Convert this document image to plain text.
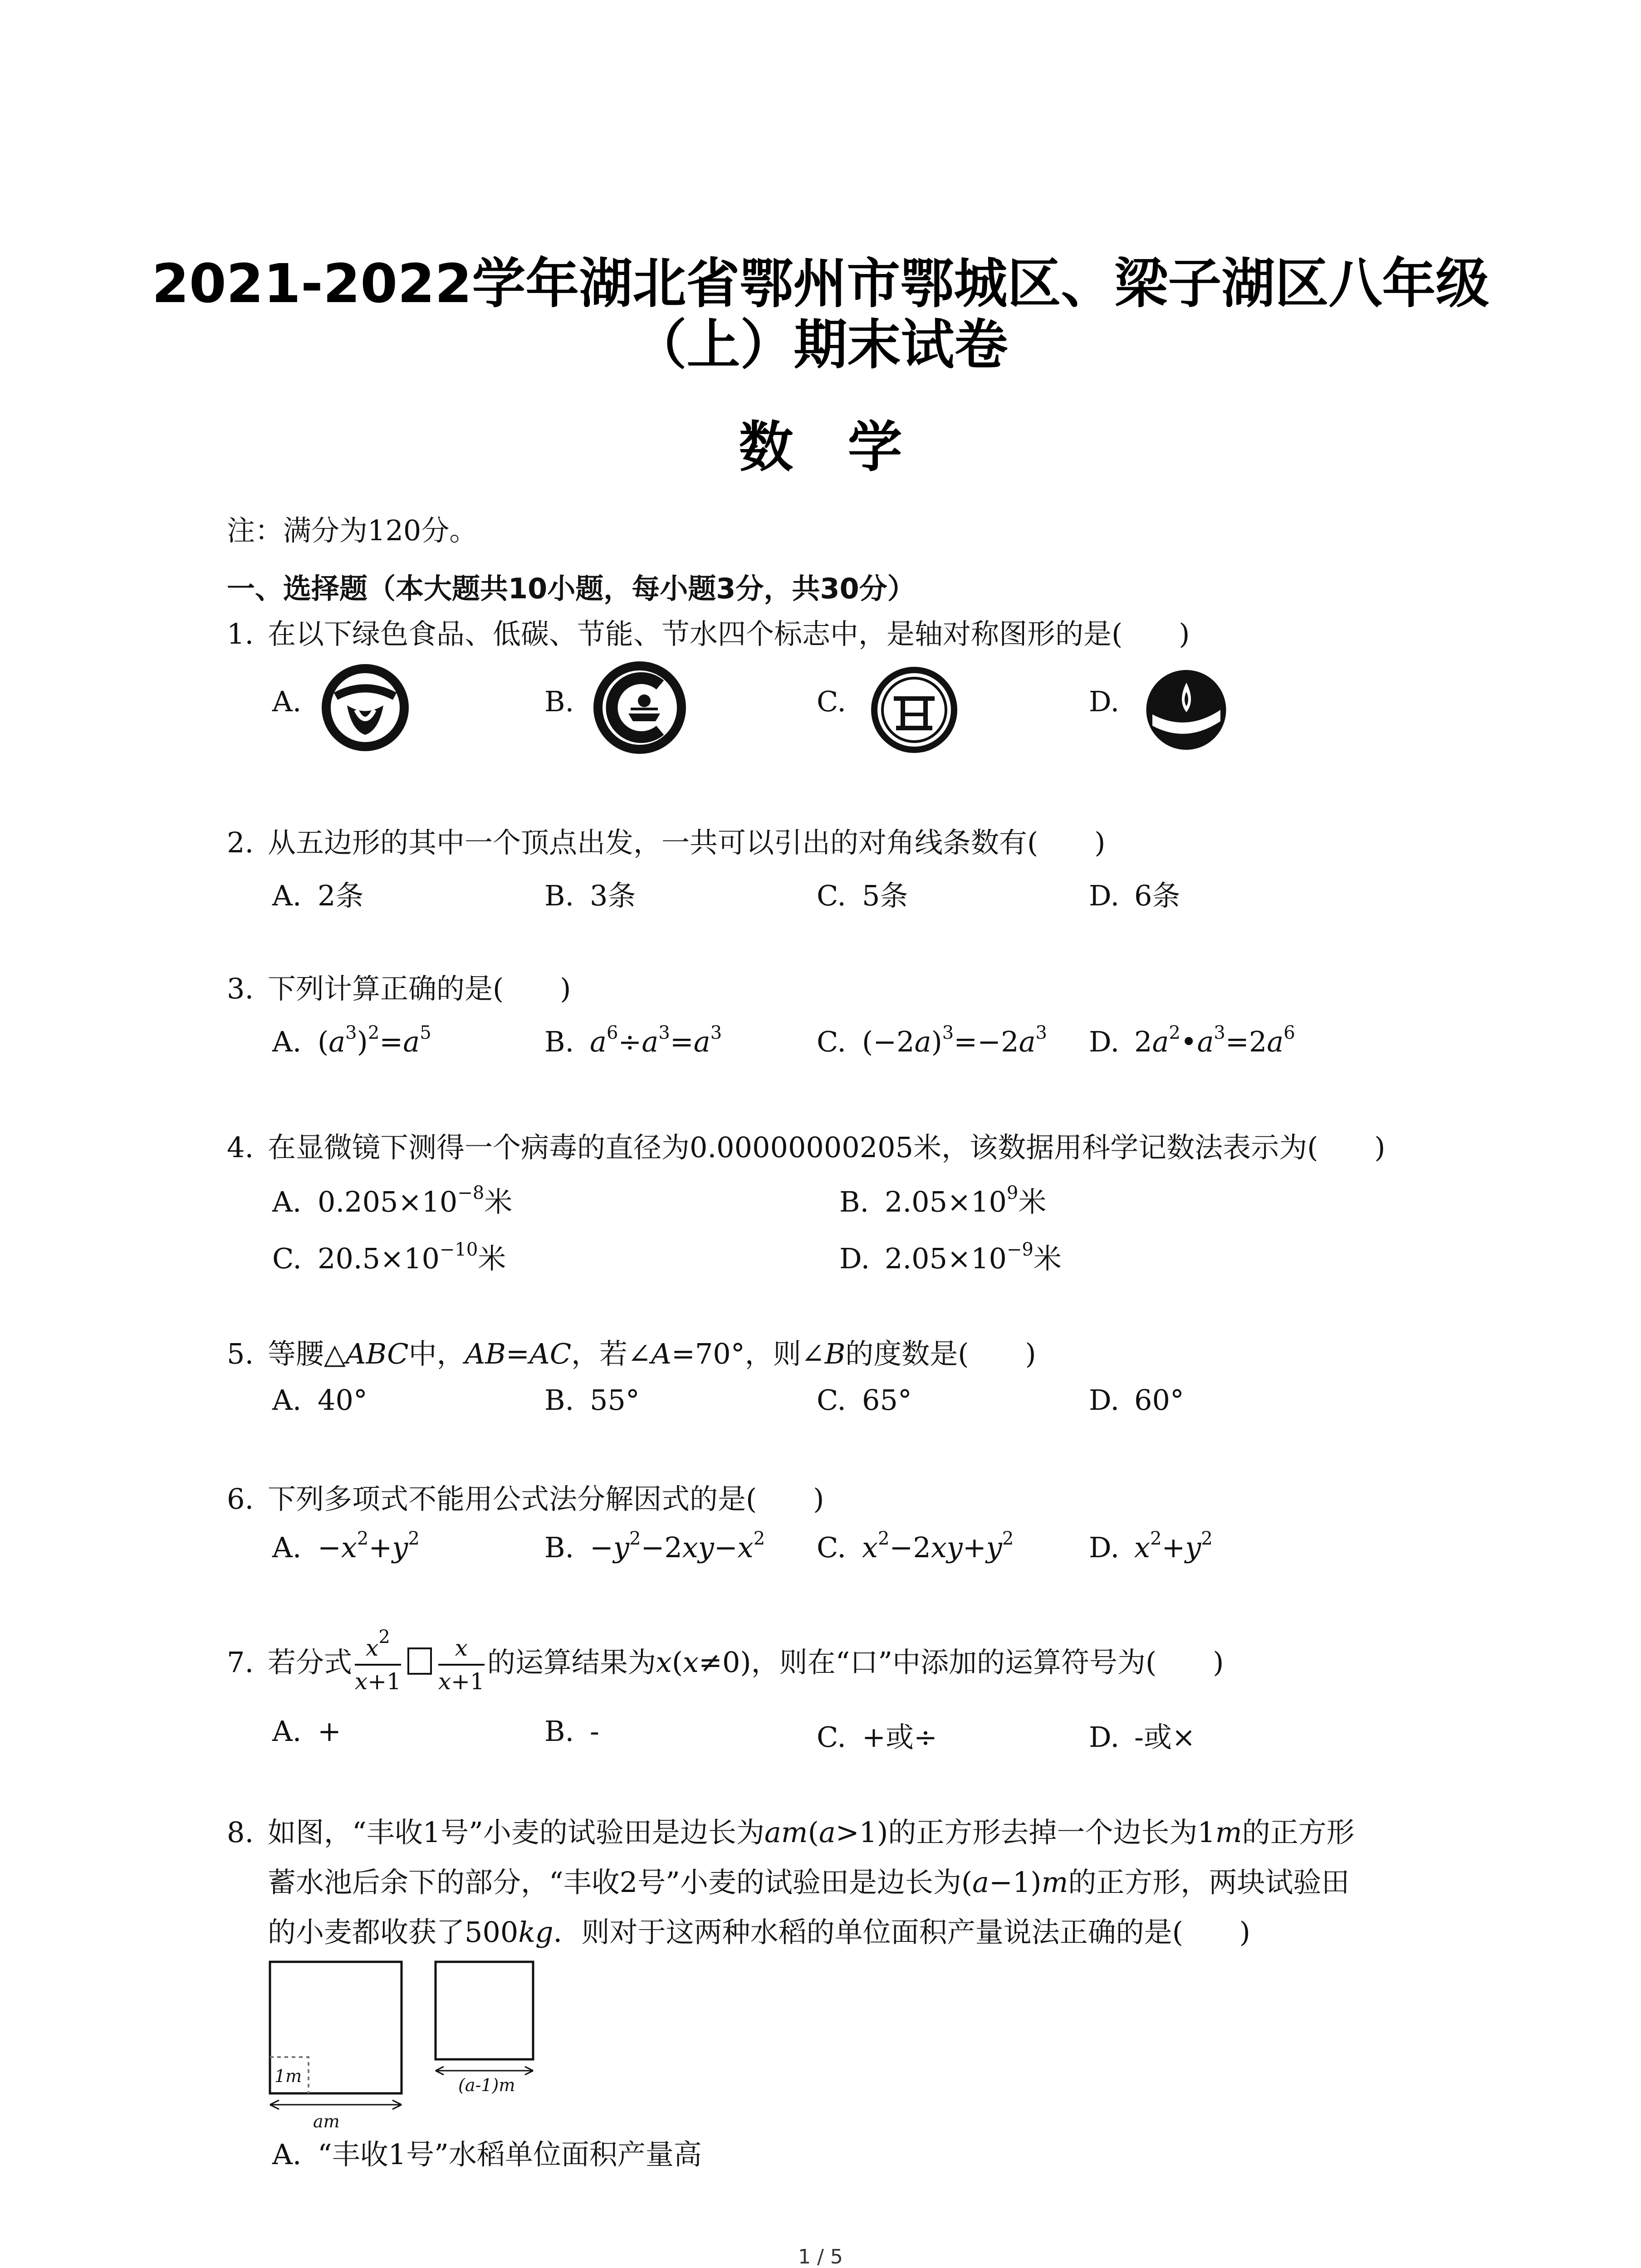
2021-2022学年湖北省鄂州市鄂城区、梁子湖区八年级
（上）期末试卷
数学
注：满分为120分。
一、选择题（本大题共10小题，每小题3分，共30分）
1. 在以下绿色食品、低碳、节能、节水四个标志中，是轴对称图形的是(　　)
A.	B.	C.	D.
2. 从五边形的其中一个顶点出发，一共可以引出的对角线条数有(　　)
A. 2条	B. 3条	C. 5条	D. 6条
3. 下列计算正确的是(　　)
A. $(a^3)^2=a^5$	B. $a^6\div a^3=a^3$	C. $(-2a)^3=-2a^3$ D. $2a^2•a^3=2a^6$
4. 在显微镜下测得一个病毒的直径为0.00000000205米，该数据用科学记数法表示为(　　)
A. $0.205\times 10^{-8}$米	B. $2.05\times 10^9$米
C. $20.5\times 10^{-10}$米	D. $2.05\times 10^{-9}$米
5. 等腰△ABC中，AB=AC，若∠A=70°，则∠B的度数是(　　)
A. 40°	B. 55°	C. 65°	D. 60°
6. 下列多项式不能用公式法分解因式的是(　　)
A. $-x^2+y^2$	B. $-y^2-2xy-x^2$ C. $x^2-2xy+y^2$	D. $x^2+y^2$
7. 若分式 $\frac{x^2}{x+1} \frac{x}{x+1}$ 的运算结果为x(x≠0)，则在“口”中添加的运算符号为(　　)
A. +	B. -	C. +或÷	D. -或×
8. 如图，“丰收1号”小麦的试验田是边长为am(a>1)的正方形去掉一个边长为1m的正方形
蓄水池后余下的部分，“丰收2号”小麦的试验田是边长为(a−1)m的正方形，两块试验田
的小麦都收获了500kg．则对于这两种水稻的单位面积产量说法正确的是(　　)
1m
am
(a-1)m
A. “丰收1号”水稻单位面积产量高
1 / 5
